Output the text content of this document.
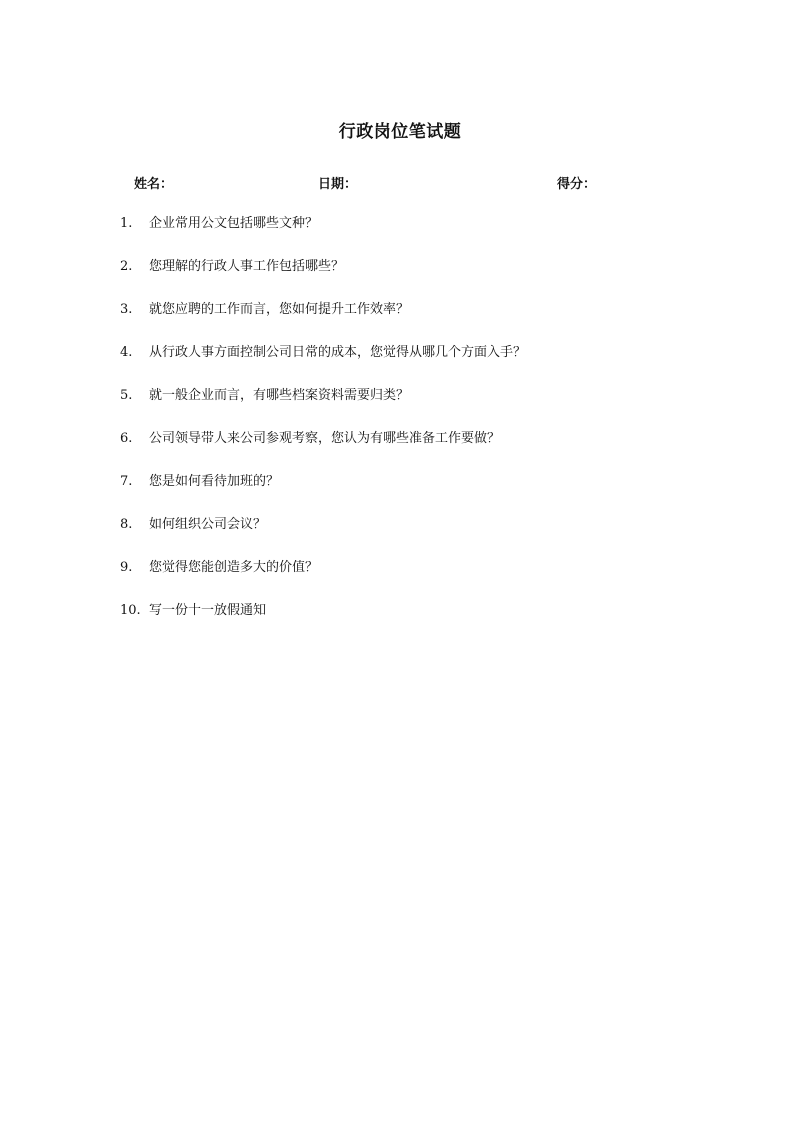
行政岗位笔试题
姓名：	日期：	得分：
1. 企业常用公文包括哪些文种？
2. 您理解的行政人事工作包括哪些？
3. 就您应聘的工作而言，您如何提升工作效率？
4. 从行政人事方面控制公司日常的成本，您觉得从哪几个方面入手？
5. 就一般企业而言，有哪些档案资料需要归类？
6. 公司领导带人来公司参观考察，您认为有哪些准备工作要做？
7. 您是如何看待加班的？
8. 如何组织公司会议？
9. 您觉得您能创造多大的价值？
10. 写一份十一放假通知
